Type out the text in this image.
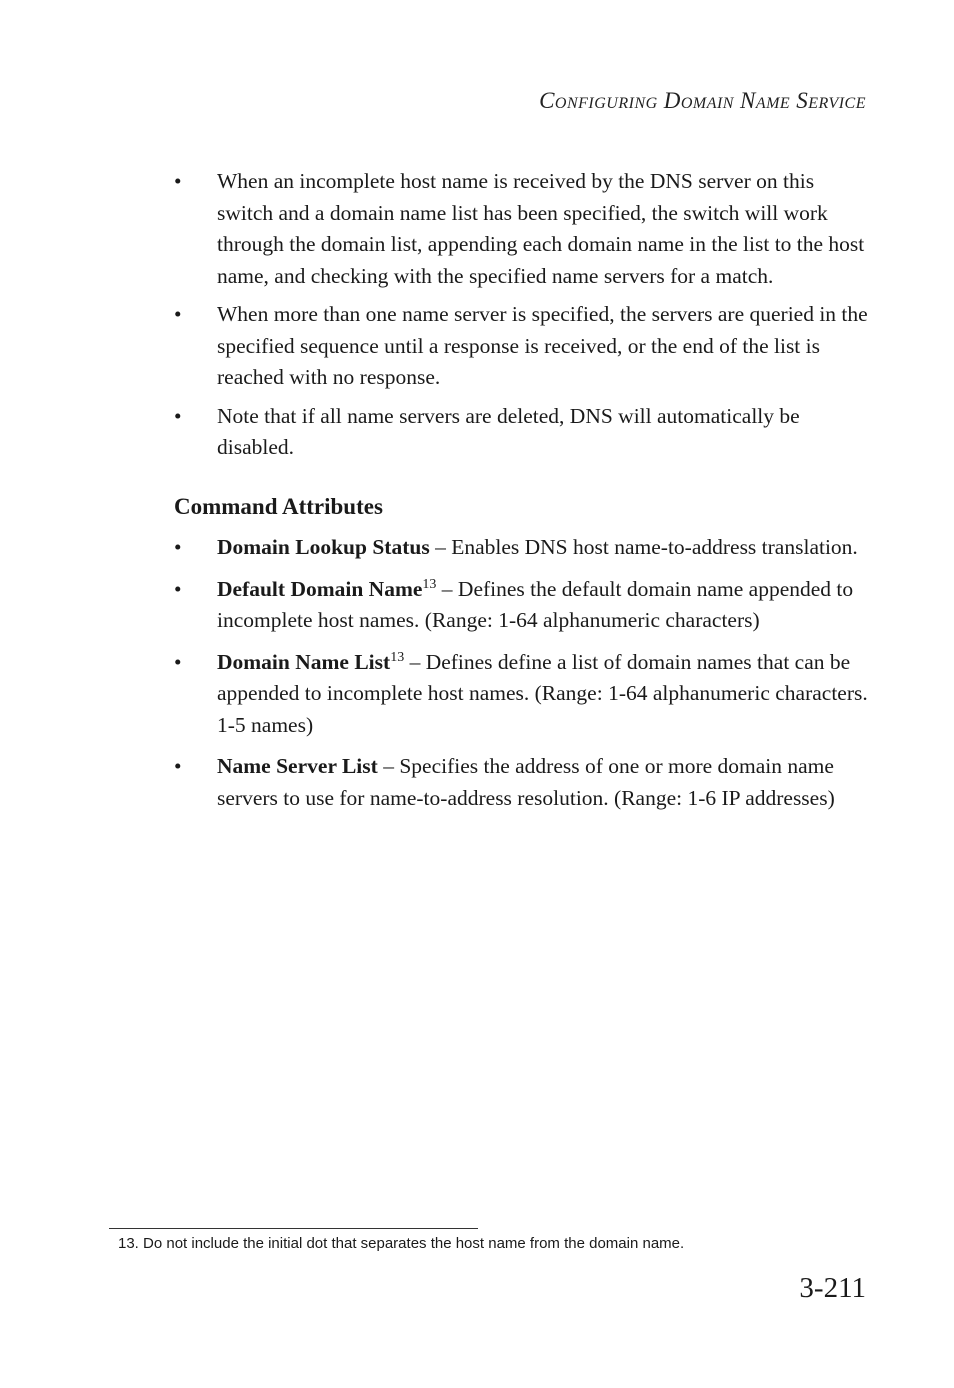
CONFIGURING DOMAIN NAME SERVICE
• When an incomplete host name is received by the DNS server on this switch and a domain name list has been specified, the switch will work through the domain list, appending each domain name in the list to the host name, and checking with the specified name servers for a match.
• When more than one name server is specified, the servers are queried in the specified sequence until a response is received, or the end of the list is reached with no response.
• Note that if all name servers are deleted, DNS will automatically be disabled.
Command Attributes
• Domain Lookup Status – Enables DNS host name-to-address translation.
• Default Domain Name$^{13}$ – Defines the default domain name appended to incomplete host names. (Range: 1-64 alphanumeric characters)
• Domain Name List$^{13}$ – Defines define a list of domain names that can be appended to incomplete host names. (Range: 1-64 alphanumeric characters. 1-5 names)
• Name Server List – Specifies the address of one or more domain name servers to use for name-to-address resolution. (Range: 1-6 IP addresses)
13. Do not include the initial dot that separates the host name from the domain name.
3-211
